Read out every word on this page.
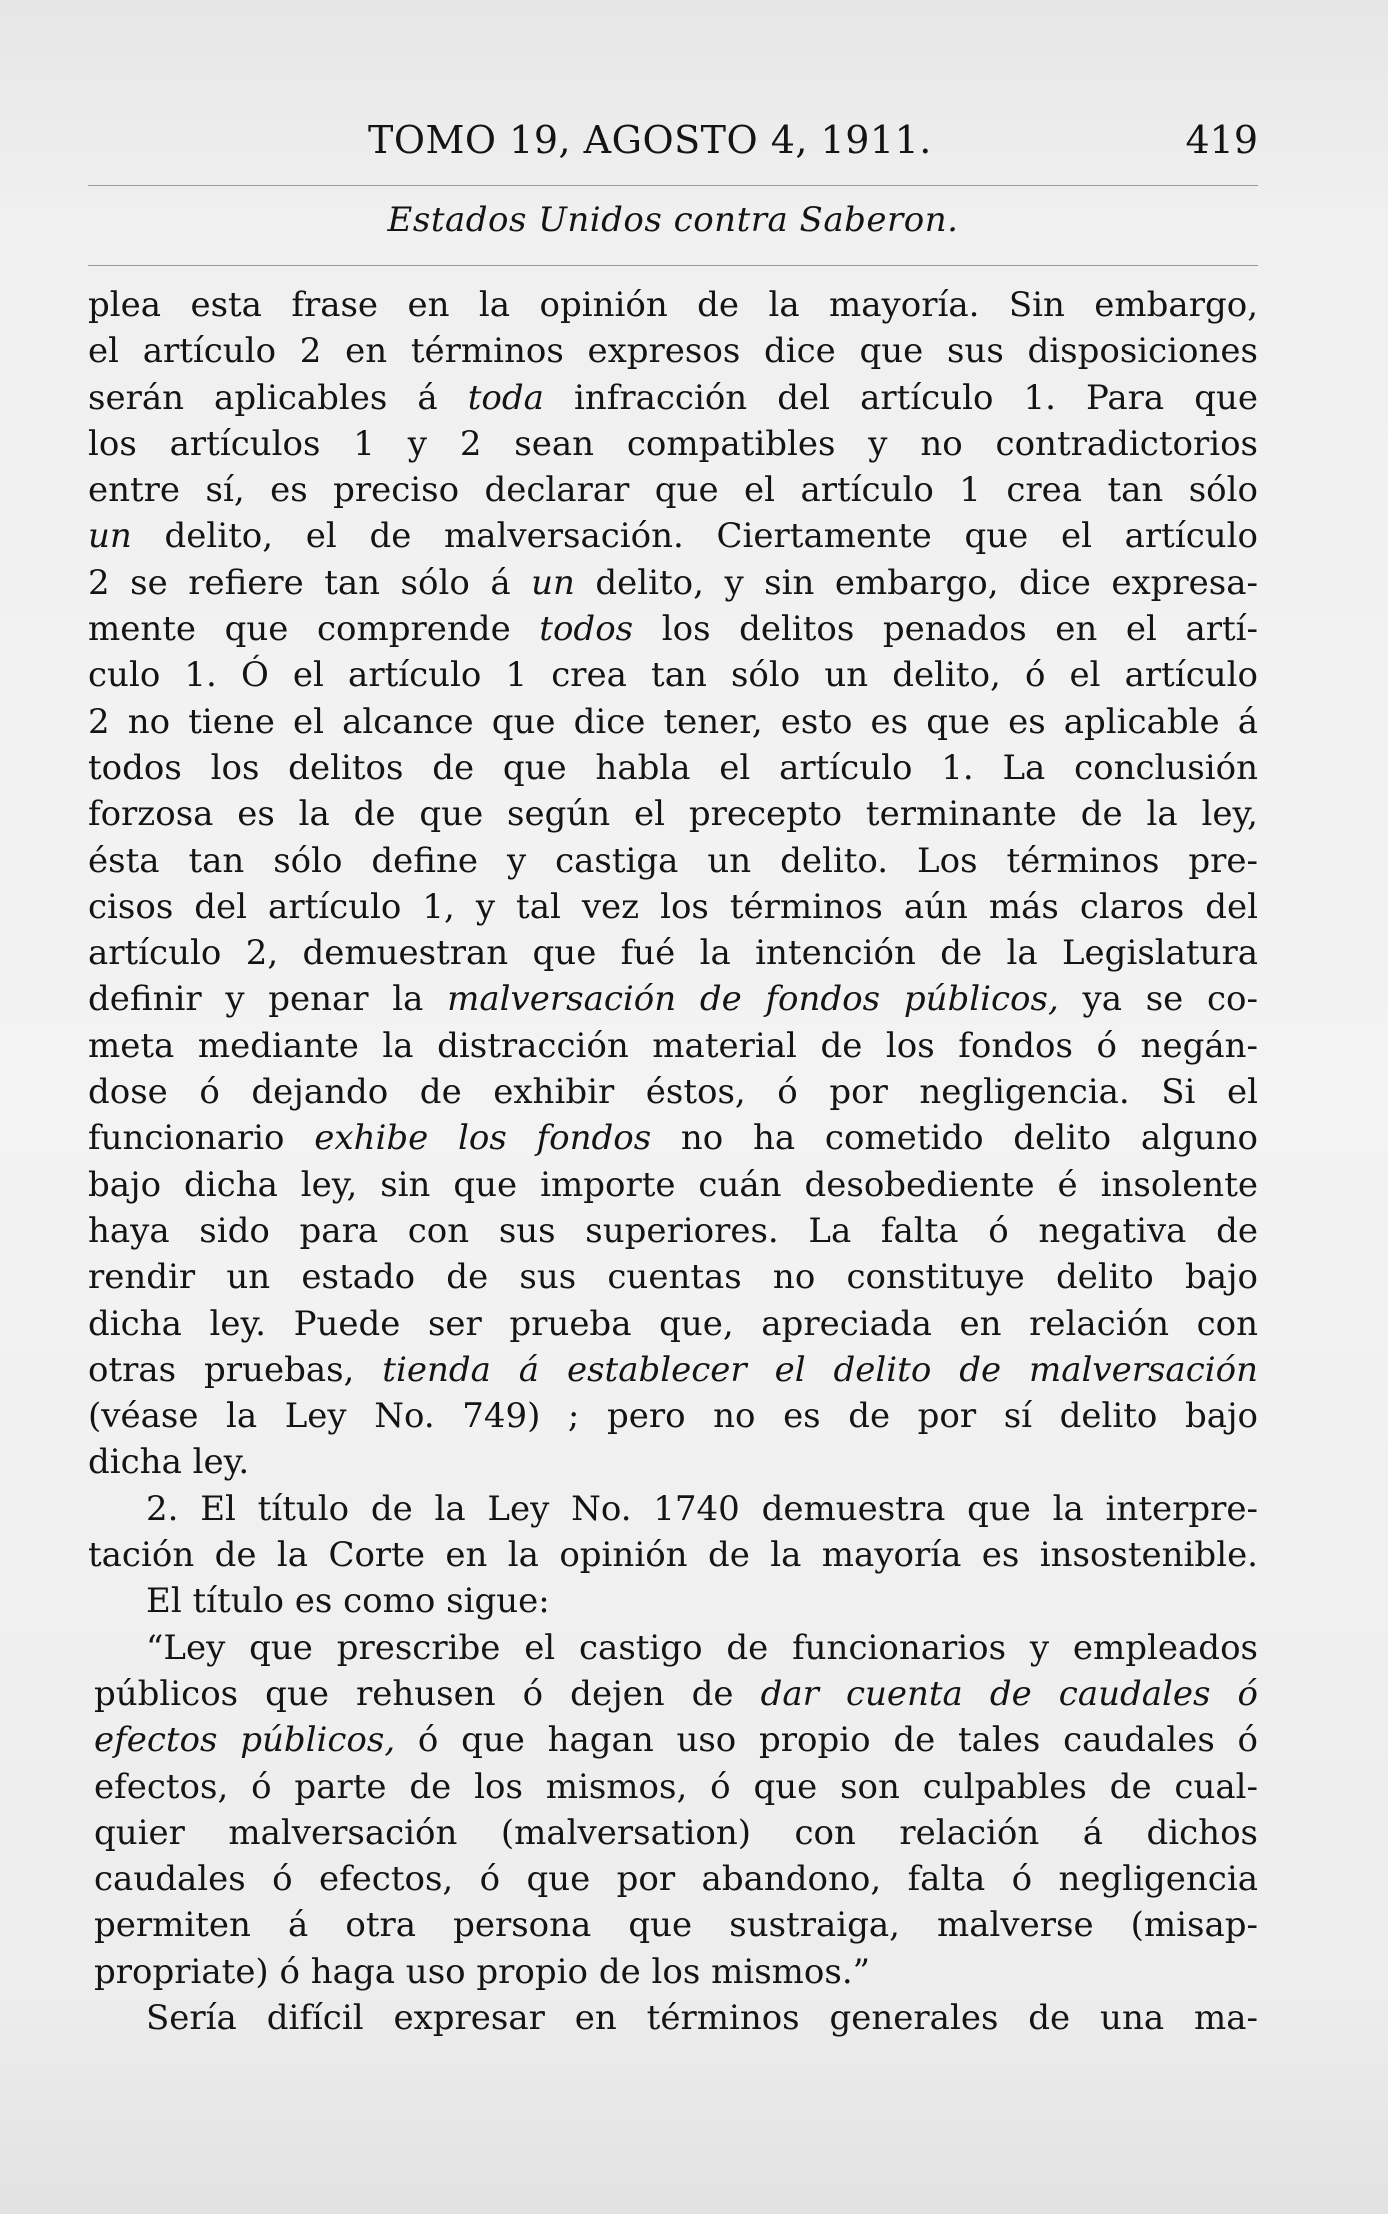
TOMO 19, AGOSTO 4, 1911.	419
Estados Unidos contra Saberon.
plea esta frase en la opinión de la mayoría. Sin embargo,
el artículo 2 en términos expresos dice que sus disposiciones
serán aplicables á toda infracción del artículo 1. Para que
los artículos 1 y 2 sean compatibles y no contradictorios
entre sí, es preciso declarar que el artículo 1 crea tan sólo
un delito, el de malversación. Ciertamente que el artículo
2 se refiere tan sólo á un delito, y sin embargo, dice expresa-
mente que comprende todos los delitos penados en el artí-
culo 1. Ó el artículo 1 crea tan sólo un delito, ó el artículo
2 no tiene el alcance que dice tener, esto es que es aplicable á
todos los delitos de que habla el artículo 1. La conclusión
forzosa es la de que según el precepto terminante de la ley,
ésta tan sólo define y castiga un delito. Los términos pre-
cisos del artículo 1, y tal vez los términos aún más claros del
artículo 2, demuestran que fué la intención de la Legislatura
definir y penar la malversación de fondos públicos, ya se co-
meta mediante la distracción material de los fondos ó negán-
dose ó dejando de exhibir éstos, ó por negligencia. Si el
funcionario exhibe los fondos no ha cometido delito alguno
bajo dicha ley, sin que importe cuán desobediente é insolente
haya sido para con sus superiores. La falta ó negativa de
rendir un estado de sus cuentas no constituye delito bajo
dicha ley. Puede ser prueba que, apreciada en relación con
otras pruebas, tienda á establecer el delito de malversación
(véase la Ley No. 749) ; pero no es de por sí delito bajo
dicha ley.
2. El título de la Ley No. 1740 demuestra que la interpre-
tación de la Corte en la opinión de la mayoría es insostenible.
El título es como sigue:
“Ley que prescribe el castigo de funcionarios y empleados
públicos que rehusen ó dejen de dar cuenta de caudales ó
efectos públicos, ó que hagan uso propio de tales caudales ó
efectos, ó parte de los mismos, ó que son culpables de cual-
quier malversación (malversation) con relación á dichos
caudales ó efectos, ó que por abandono, falta ó negligencia
permiten á otra persona que sustraiga, malverse (misap-
propriate) ó haga uso propio de los mismos.”
Sería difícil expresar en términos generales de una ma-
